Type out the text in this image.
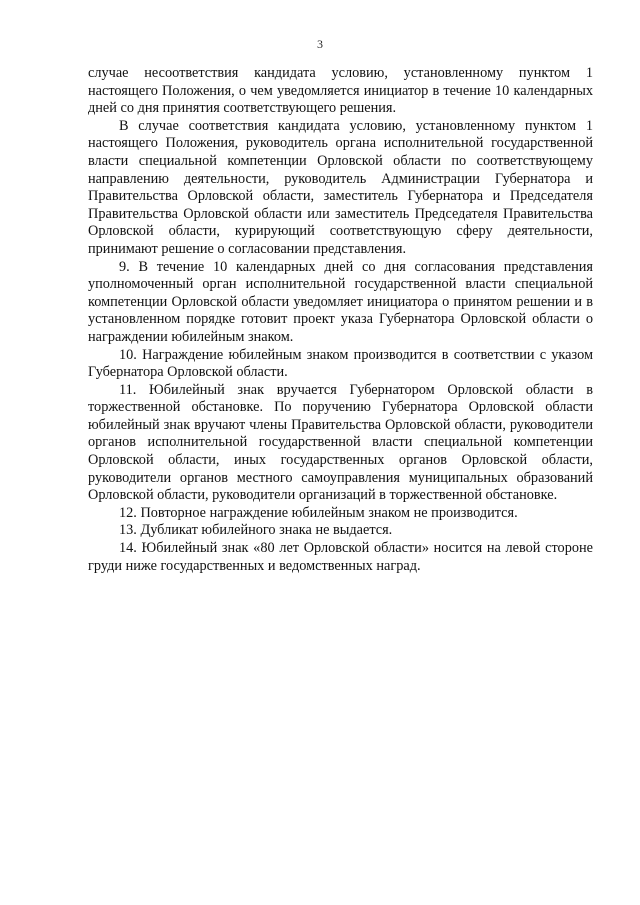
3

случае несоответствия кандидата условию, установленному пунктом 1 настоящего Положения, о чем уведомляется инициатор в течение 10 календарных дней со дня принятия соответствующего решения.

В случае соответствия кандидата условию, установленному пунктом 1 настоящего Положения, руководитель органа исполнительной государственной власти специальной компетенции Орловской области по соответствующему направлению деятельности, руководитель Администрации Губернатора и Правительства Орловской области, заместитель Губернатора и Председателя Правительства Орловской области или заместитель Председателя Правительства Орловской области, курирующий соответствующую сферу деятельности, принимают решение о согласовании представления.

9. В течение 10 календарных дней со дня согласования представления уполномоченный орган исполнительной государственной власти специальной компетенции Орловской области уведомляет инициатора о принятом решении и в установленном порядке готовит проект указа Губернатора Орловской области о награждении юбилейным знаком.

10. Награждение юбилейным знаком производится в соответствии с указом Губернатора Орловской области.

11. Юбилейный знак вручается Губернатором Орловской области в торжественной обстановке. По поручению Губернатора Орловской области юбилейный знак вручают члены Правительства Орловской области, руководители органов исполнительной государственной власти специальной компетенции Орловской области, иных государственных органов Орловской области, руководители органов местного самоуправления муниципальных образований Орловской области, руководители организаций в торжественной обстановке.

12. Повторное награждение юбилейным знаком не производится.

13. Дубликат юбилейного знака не выдается.

14. Юбилейный знак «80 лет Орловской области» носится на левой стороне груди ниже государственных и ведомственных наград.
